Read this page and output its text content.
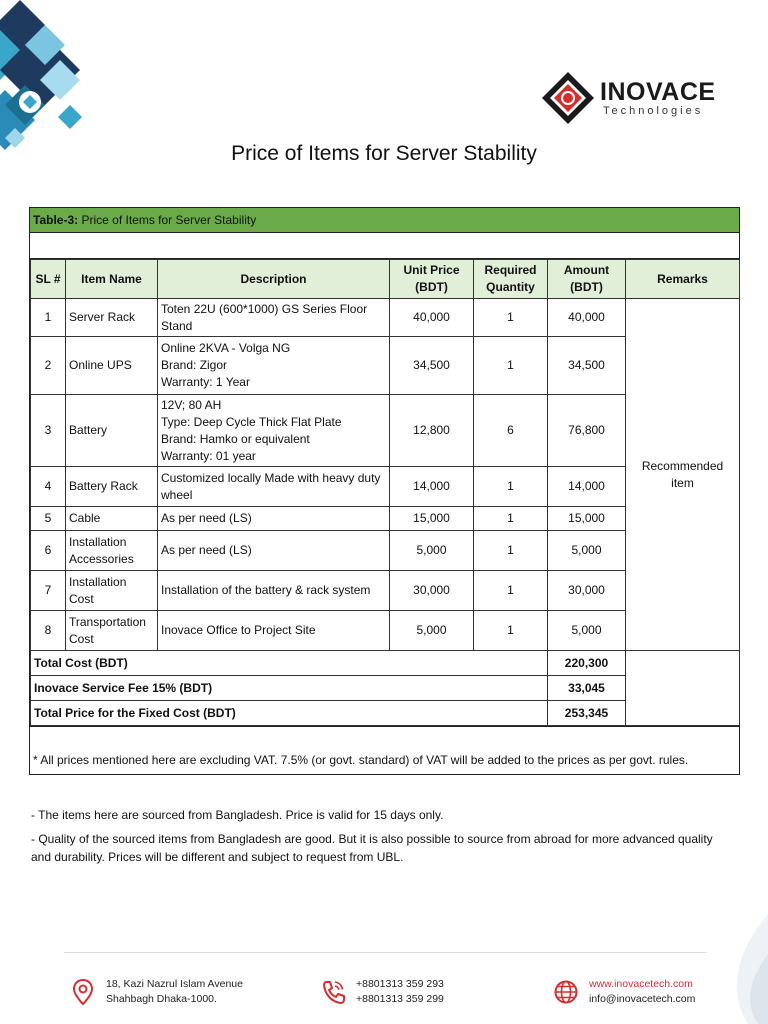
INOVACE
Technologies
Price of Items for Server Stability
Table-3: Price of Items for Server Stability
SL #	Item Name	Description	Unit Price (BDT)	Required Quantity	Amount (BDT)	Remarks
1	Server Rack	Toten 22U (600*1000) GS Series Floor Stand	40,000	1	40,000	Recommended item
2	Online UPS	Online 2KVA - Volga NG
Brand: Zigor
Warranty: 1 Year	34,500	1	34,500	
3	Battery	12V; 80 AH
Type: Deep Cycle Thick Flat Plate
Brand: Hamko or equivalent
Warranty: 01 year	12,800	6	76,800	
4	Battery Rack	Customized locally Made with heavy duty wheel	14,000	1	14,000	
5	Cable	As per need (LS)	15,000	1	15,000	
6	Installation Accessories	As per need (LS)	5,000	1	5,000	
7	Installation Cost	Installation of the battery & rack system	30,000	1	30,000	
8	Transportation Cost	Inovace Office to Project Site	5,000	1	5,000	
Total Cost (BDT)					220,300	
Inovace Service Fee 15% (BDT)					33,045	
Total Price for the Fixed Cost (BDT)					253,345	
* All prices mentioned here are excluding VAT. 7.5% (or govt. standard) of VAT will be added to the prices as per govt. rules.

- The items here are sourced from Bangladesh. Price is valid for 15 days only.

- Quality of the sourced items from Bangladesh are good. But it is also possible to source from abroad for more advanced quality and durability. Prices will be different and subject to request from UBL.

18, Kazi Nazrul Islam Avenue
Shahbagh Dhaka-1000.
+8801313 359 293
+8801313 359 299
www.inovacetech.com
info@inovacetech.com
